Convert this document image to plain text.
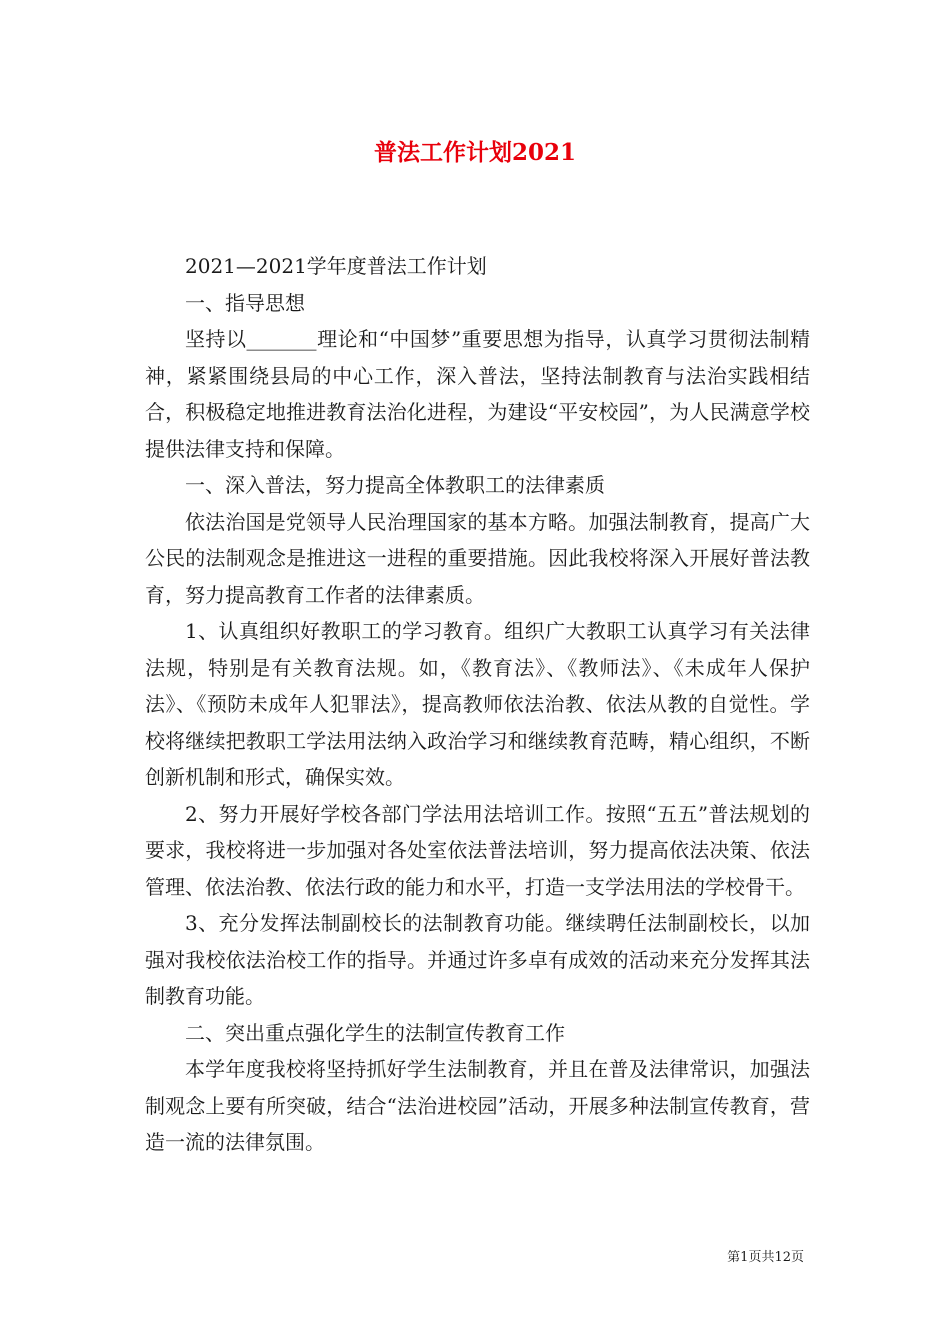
普法工作计划2021

2021—2021学年度普法工作计划

一、指导思想

坚持以_______理论和“中国梦”重要思想为指导，认真学习贯彻法制精神，紧紧围绕县局的中心工作，深入普法，坚持法制教育与法治实践相结合，积极稳定地推进教育法治化进程，为建设“平安校园”，为人民满意学校提供法律支持和保障。

一、深入普法，努力提高全体教职工的法律素质

依法治国是党领导人民治理国家的基本方略。加强法制教育，提高广大公民的法制观念是推进这一进程的重要措施。因此我校将深入开展好普法教育，努力提高教育工作者的法律素质。

1、认真组织好教职工的学习教育。组织广大教职工认真学习有关法律法规，特别是有关教育法规。如，《教育法》、《教师法》、《未成年人保护法》、《预防未成年人犯罪法》，提高教师依法治教、依法从教的自觉性。学校将继续把教职工学法用法纳入政治学习和继续教育范畴，精心组织，不断创新机制和形式，确保实效。

2、努力开展好学校各部门学法用法培训工作。按照“五五”普法规划的要求，我校将进一步加强对各处室依法普法培训，努力提高依法决策、依法管理、依法治教、依法行政的能力和水平，打造一支学法用法的学校骨干。

3、充分发挥法制副校长的法制教育功能。继续聘任法制副校长，以加强对我校依法治校工作的指导。并通过许多卓有成效的活动来充分发挥其法制教育功能。

二、突出重点强化学生的法制宣传教育工作

本学年度我校将坚持抓好学生法制教育，并且在普及法律常识，加强法制观念上要有所突破，结合“法治进校园”活动，开展多种法制宣传教育，营造一流的法律氛围。

第1页共12页
